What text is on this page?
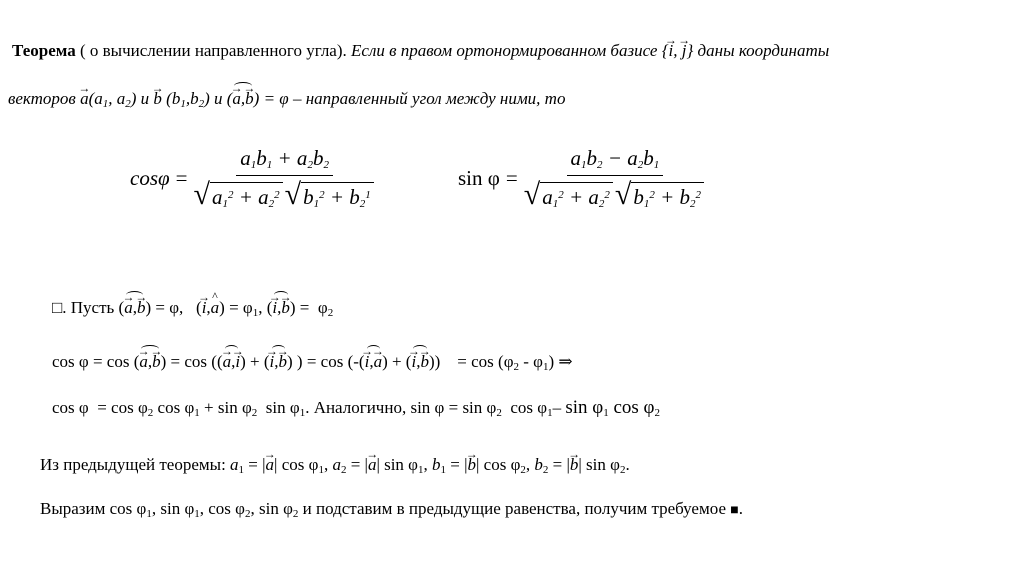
Теорема ( о вычислении направленного угла). Если в правом ортонормированном базисе {→ i, → j} даны координаты
векторов → $a(a_1$, $a_2$) и → b $(b_1,b_2)$ и (→ a,→ b) = φ – направленный угол между ними, то
$\cos\varphi = \frac{a_1b_1 + a_2b_2}{√ a_1^2 + a_2^2 √ b_1^2 + b_2^1}$	$\sin \varphi = \frac{a_1b_2 - a_2b_1}{√ a_1^2 + a_2^2 √ b_1^2 + b_2^2}$
□. Пусть (→ a,→ b) = φ,   (→ i,a ^) = $\varphi_1$, (→ $i,\to b) = \varphi_2$
cos φ = cos (→ a,→ b) = cos ((→ a,→ i) + (→ i,→ b) ) = cos (-(→ i,→ a) + (→ i,→ b))    = $\cos (\varphi_2 - \varphi_1)$ ⇒
$\cos \varphi = \cos \varphi_2$ $\cos \varphi_1 + \sin \varphi_2$  $\sin \varphi_1$. Аналогично, $\sin \varphi = \sin \varphi_2$  $\cos \varphi_1-$ $\sin \varphi_1$ $\cos \varphi_2$
Из предыдущей теоремы: $a_1$ = |→ a| $\cos \varphi_1$, $a_2$ = |→ a| $\sin \varphi_1$, $b_1$ = |→ b| $\cos \varphi_2$, $b_2$ = |→ b| $\sin \varphi_2$.
Выразим $\cos \varphi_1$, $\sin \varphi_1$, $\cos \varphi_2$, $\sin \varphi_2$ и подставим в предыдущие равенства, получим требуемое ■.
